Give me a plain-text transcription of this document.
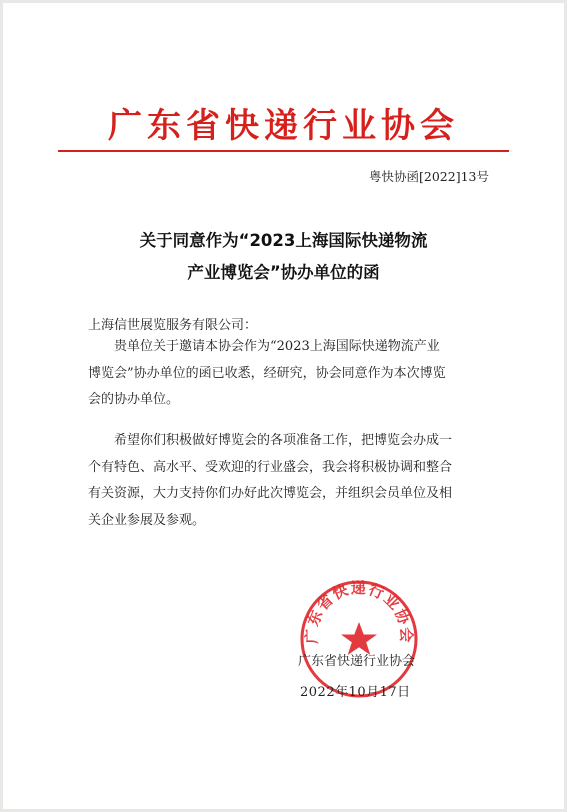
广东省快递行业协会
粤快协函[2022]13号
关于同意作为“2023上海国际快递物流
产业博览会”协办单位的函
上海信世展览服务有限公司：
贵单位关于邀请本协会作为“2023上海国际快递物流产业
博览会”协办单位的函已收悉，经研究，协会同意作为本次博览
会的协办单位。
希望你们积极做好博览会的各项准备工作，把博览会办成一
个有特色、高水平、受欢迎的行业盛会，我会将积极协调和整合
有关资源，大力支持你们办好此次博览会，并组织会员单位及相
关企业参展及参观。
广东省快递行业协会
广东省快递行业协会
2022年10月17日
